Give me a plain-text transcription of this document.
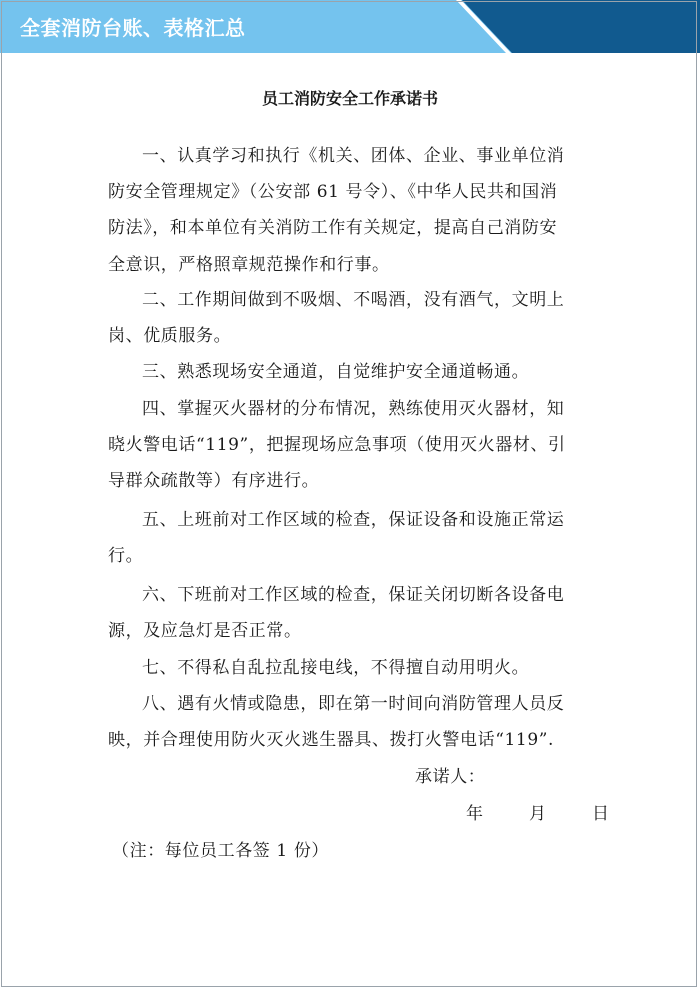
全套消防台账、表格汇总
员工消防安全工作承诺书
一、认真学习和执行《机关、团体、企业、事业单位消
防安全管理规定》（公安部 61 号令）、《中华人民共和国消
防法》，和本单位有关消防工作有关规定，提高自己消防安
全意识，严格照章规范操作和行事。
二、工作期间做到不吸烟、不喝酒，没有酒气，文明上
岗、优质服务。
三、熟悉现场安全通道，自觉维护安全通道畅通。
四、掌握灭火器材的分布情况，熟练使用灭火器材，知
晓火警电话“119”，把握现场应急事项（使用灭火器材、引
导群众疏散等）有序进行。
五、上班前对工作区域的检查，保证设备和设施正常运
行。
六、下班前对工作区域的检查，保证关闭切断各设备电
源，及应急灯是否正常。
七、不得私自乱拉乱接电线，不得擅自动用明火。
八、遇有火情或隐患，即在第一时间向消防管理人员反
映，并合理使用防火灭火逃生器具、拨打火警电话“119”.
承诺人：
年　　月　　日
（注：每位员工各签 1 份）
